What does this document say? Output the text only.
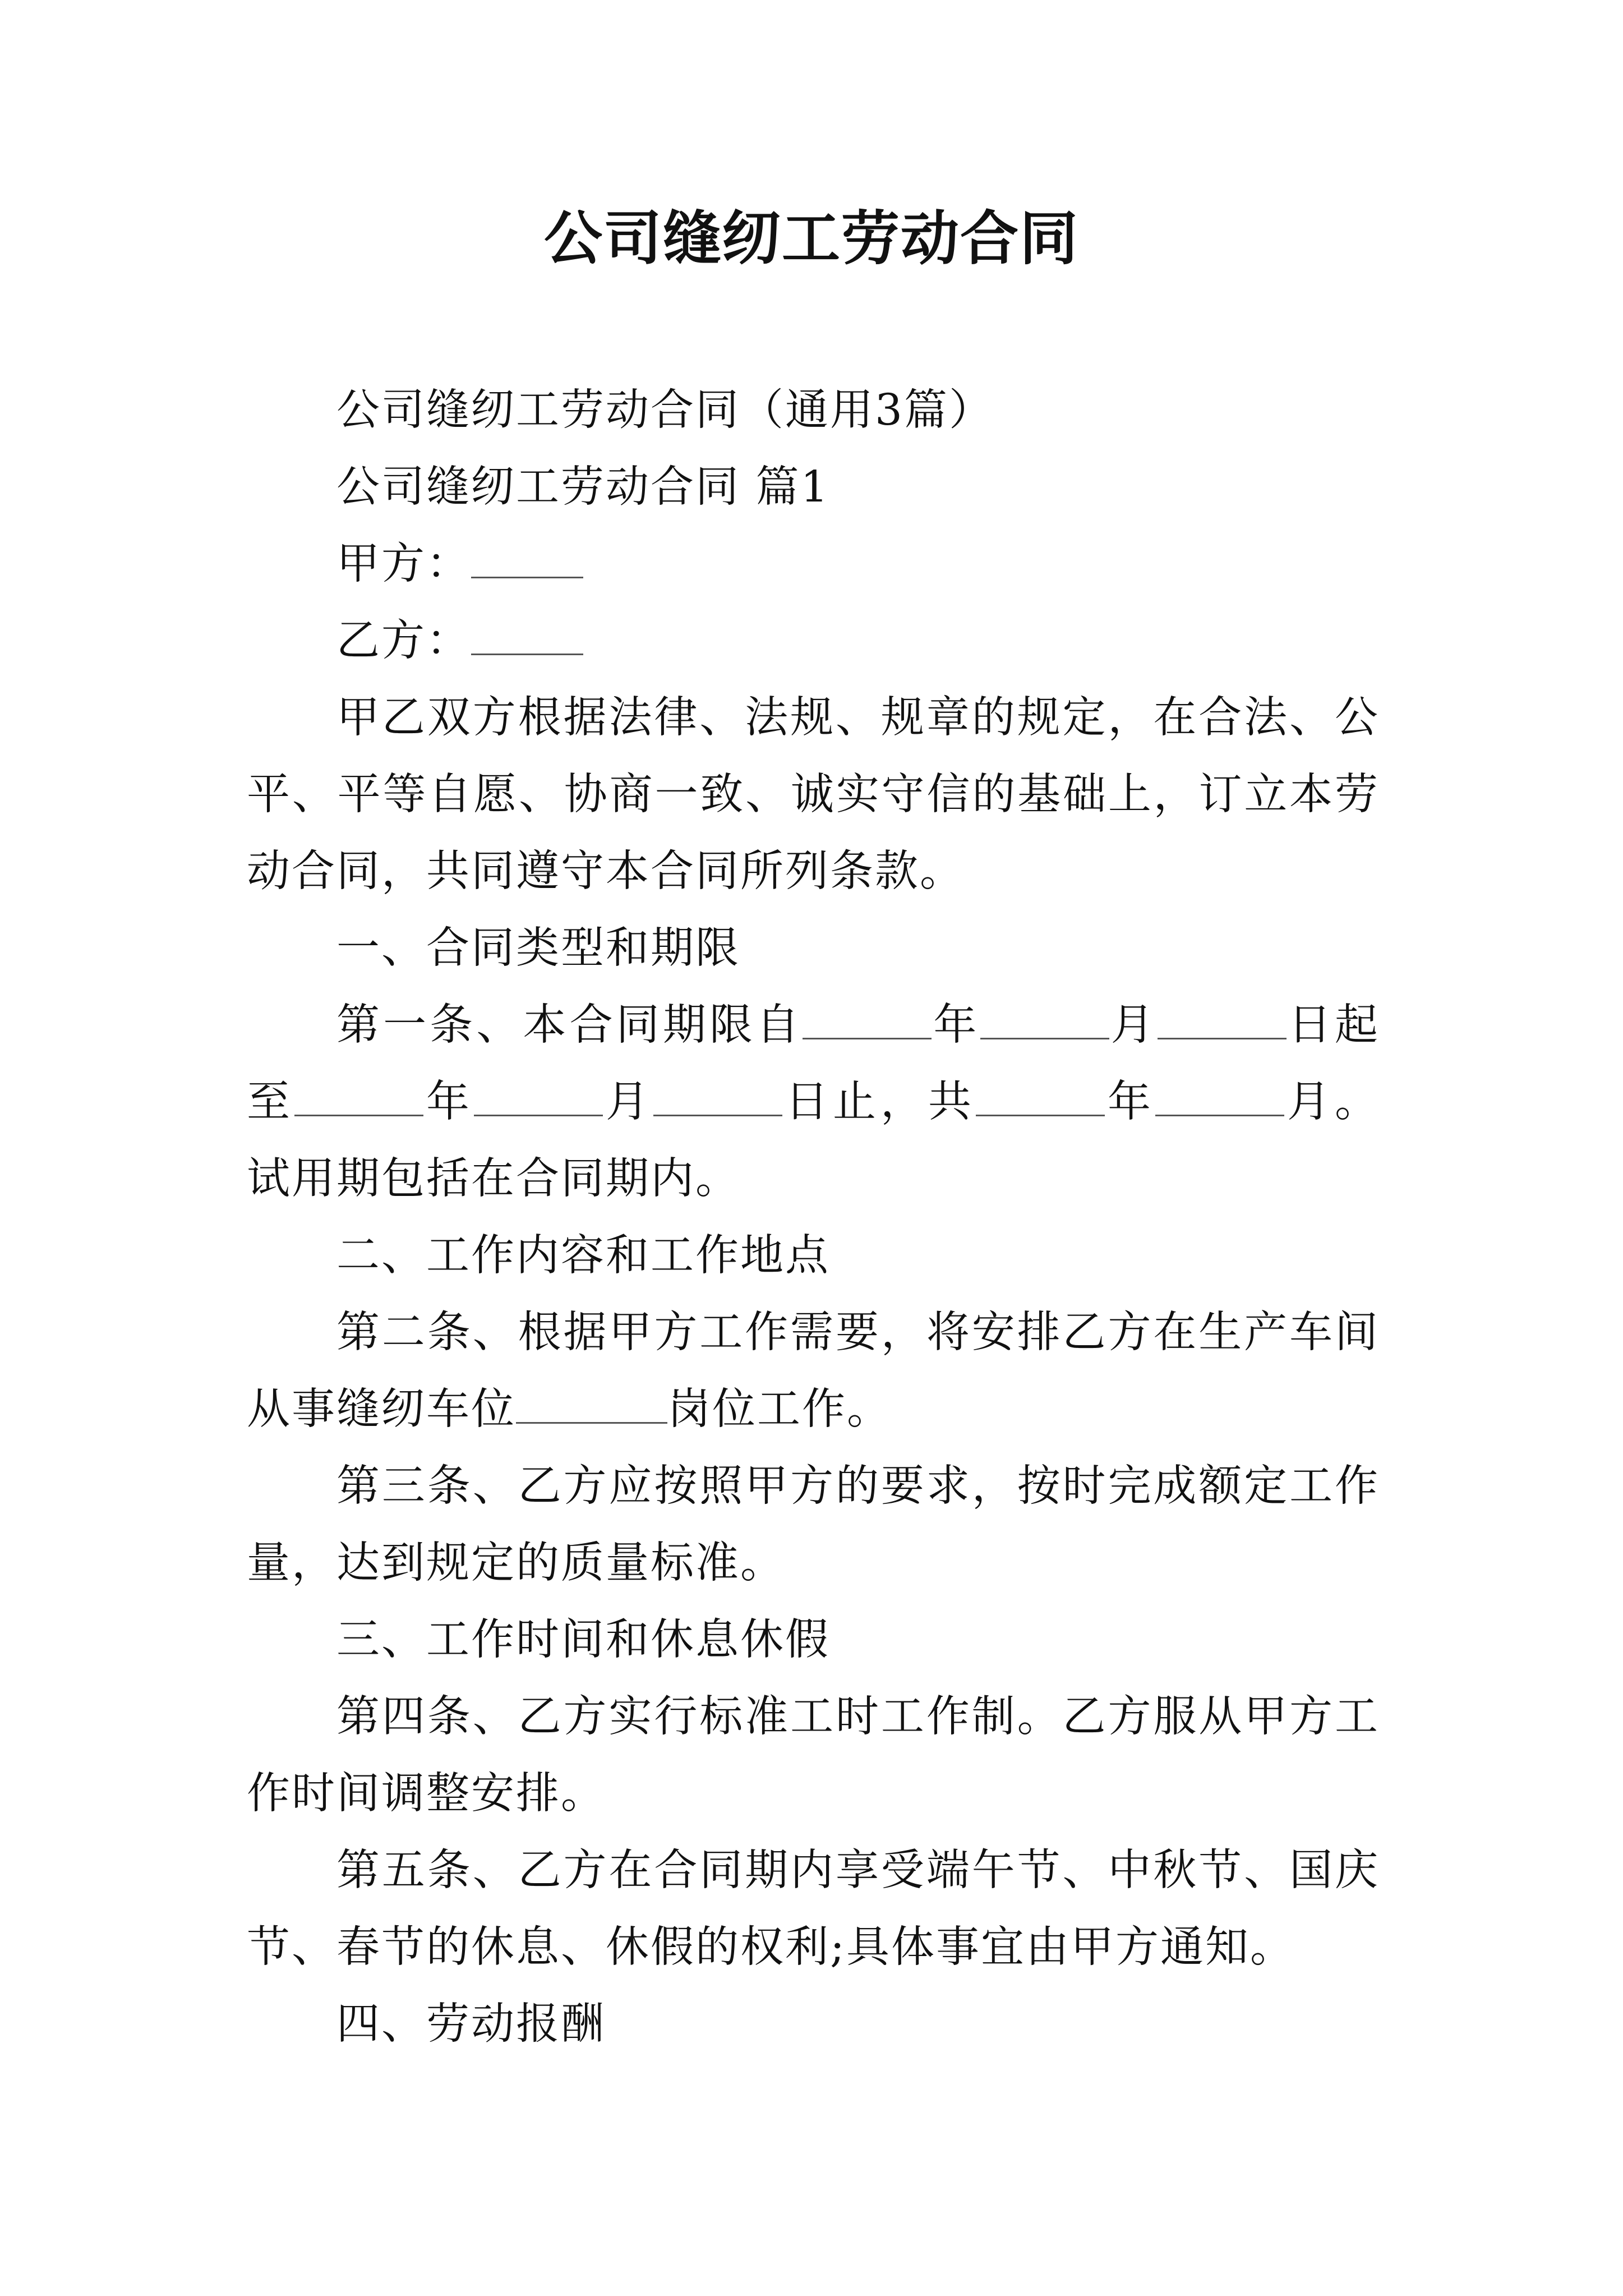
公司缝纫工劳动合同

公司缝纫工劳动合同（通用3篇）

公司缝纫工劳动合同 篇1

甲方：

乙方：

甲乙双方根据法律、法规、规章的规定，在合法、公平、平等自愿、协商一致、诚实守信的基础上，订立本劳动合同，共同遵守本合同所列条款。

一、合同类型和期限

第一条、本合同期限自	年	月	日起至	年	月	日止，共	年	月。试用期包括在合同期内。

二、工作内容和工作地点

第二条、根据甲方工作需要，将安排乙方在生产车间从事缝纫车位	岗位工作。

第三条、乙方应按照甲方的要求，按时完成额定工作量，达到规定的质量标准。

三、工作时间和休息休假

第四条、乙方实行标准工时工作制。乙方服从甲方工作时间调整安排。

第五条、乙方在合同期内享受端午节、中秋节、国庆节、春节的休息、休假的权利;具体事宜由甲方通知。

四、劳动报酬
